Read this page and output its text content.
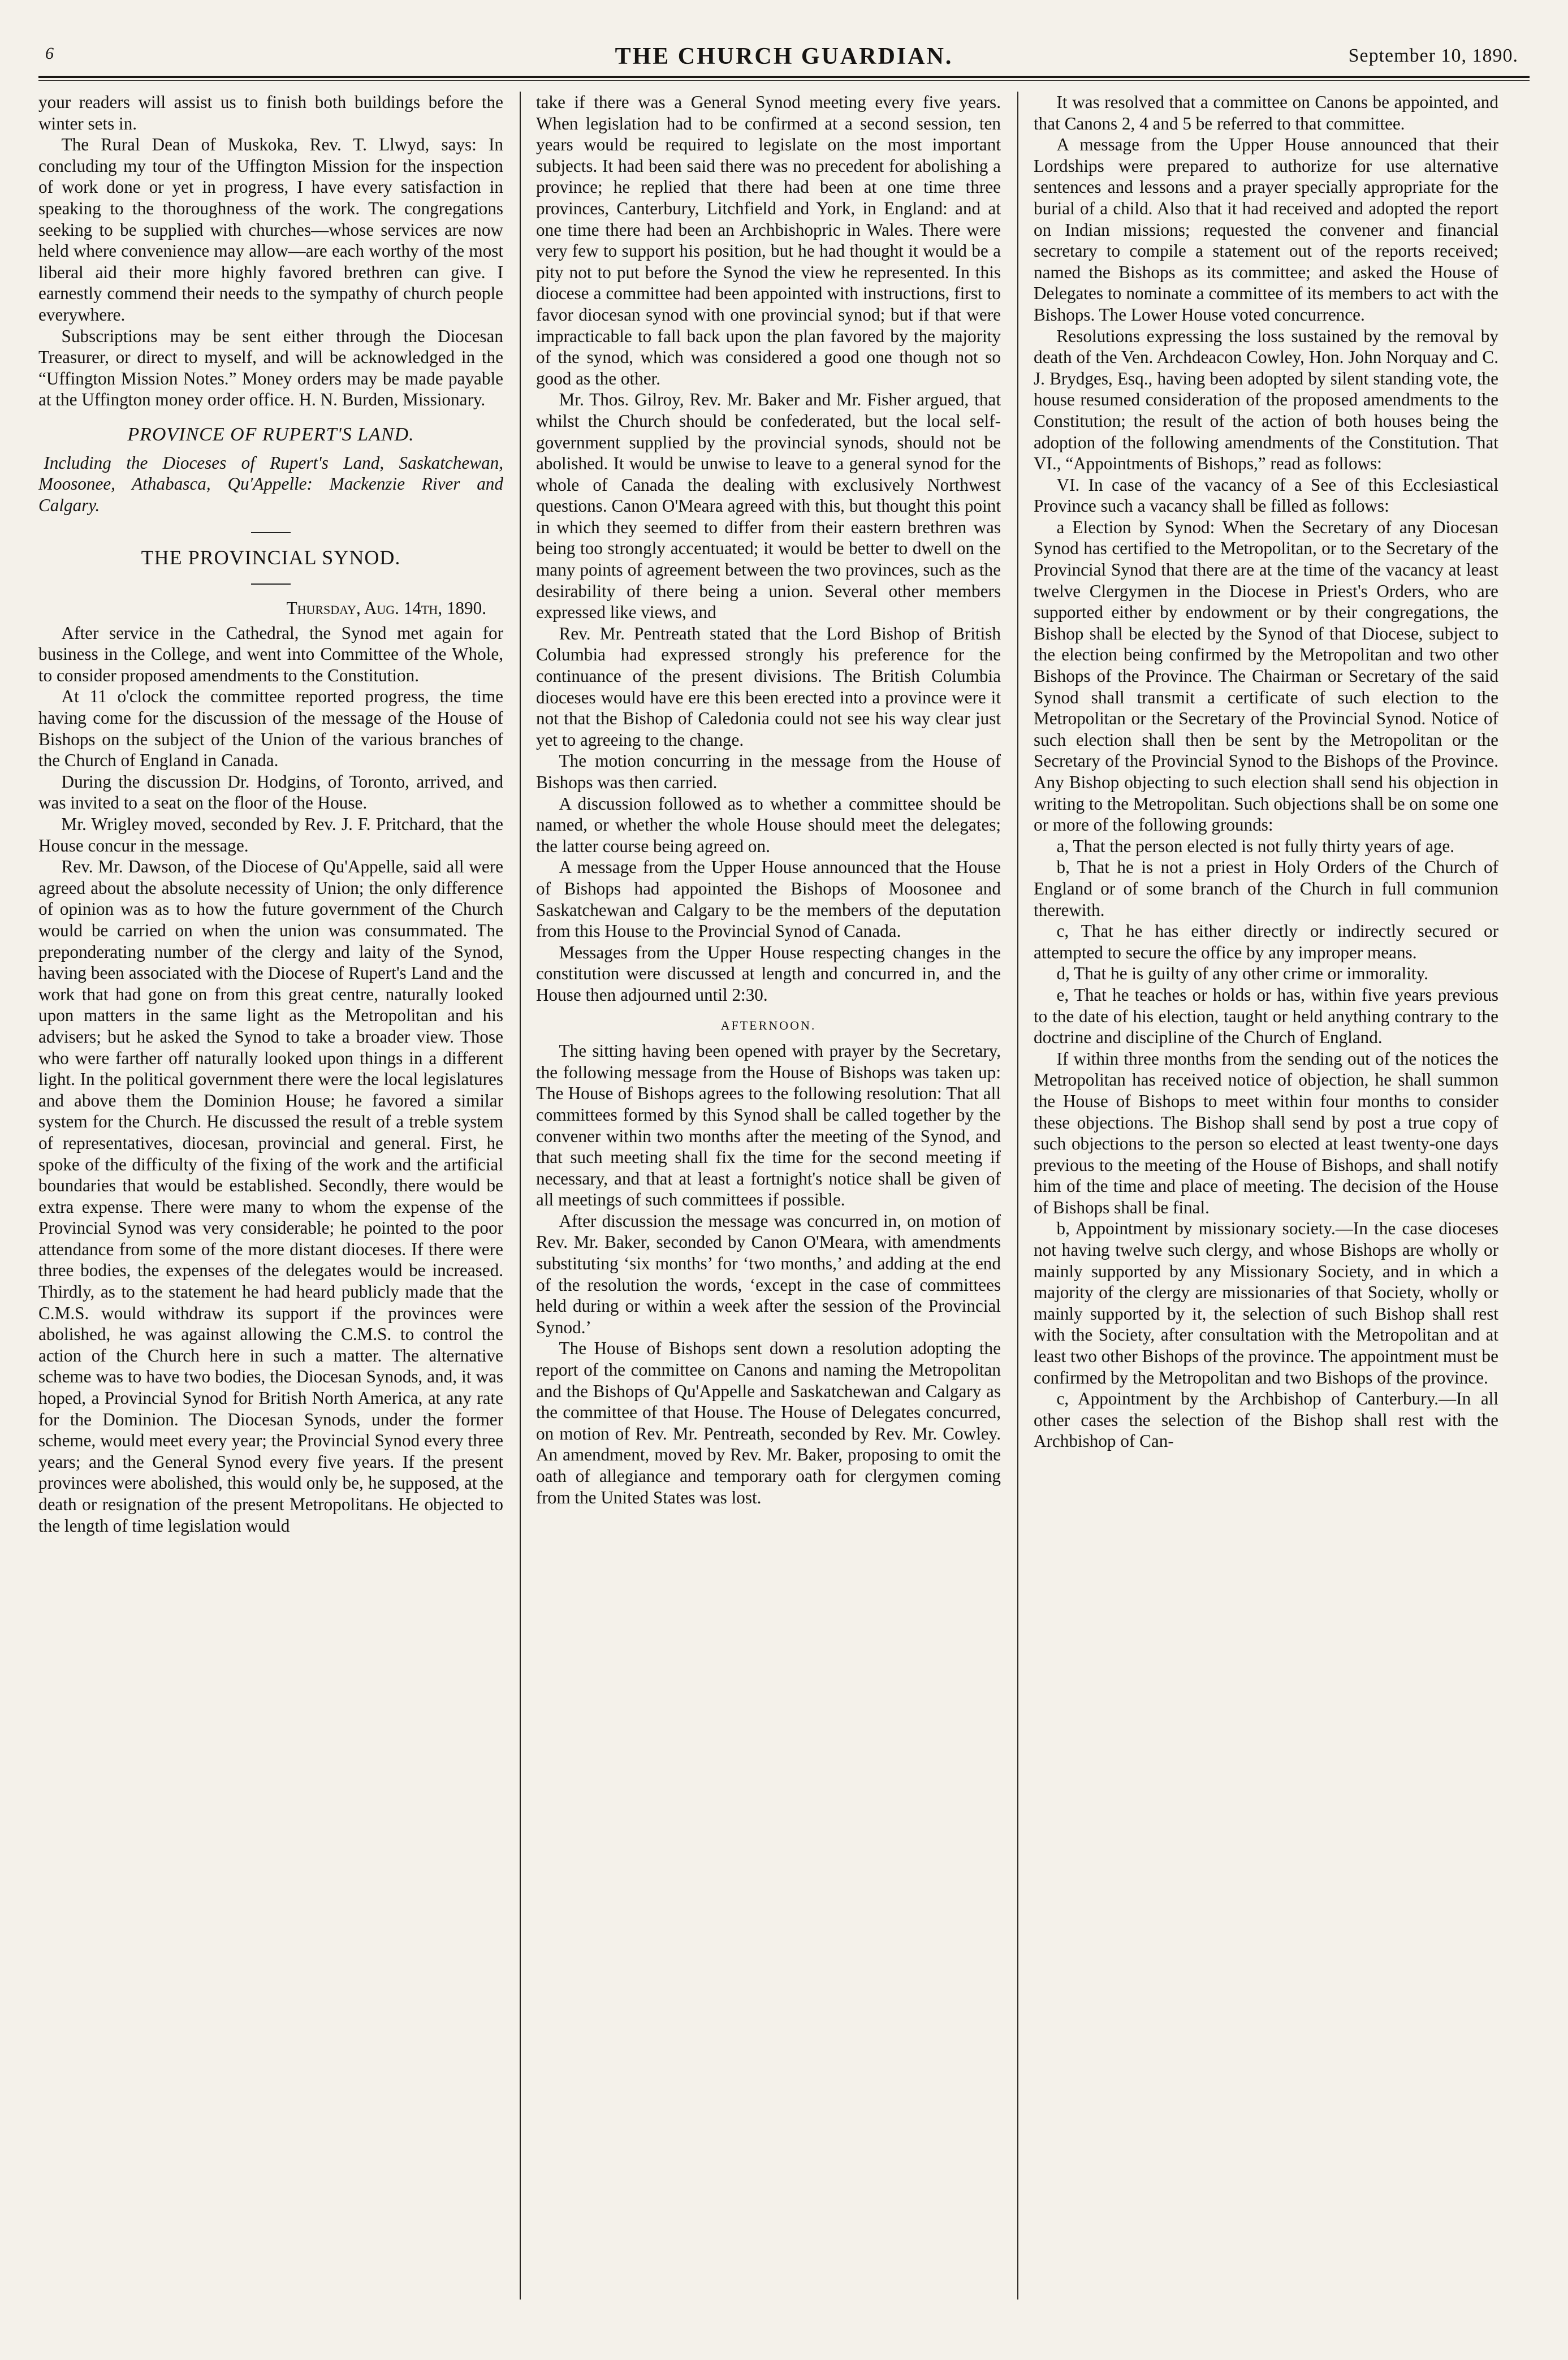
6	THE CHURCH GUARDIAN.	September 10, 1890.

your readers will assist us to finish both buildings before the winter sets in.

The Rural Dean of Muskoka, Rev. T. Llwyd, says: In concluding my tour of the Uffington Mission for the inspection of work done or yet in progress, I have every satisfaction in speaking to the thoroughness of the work. The congregations seeking to be supplied with churches—whose services are now held where convenience may allow—are each worthy of the most liberal aid their more highly favored brethren can give. I earnestly commend their needs to the sympathy of church people everywhere.

Subscriptions may be sent either through the Diocesan Treasurer, or direct to myself, and will be acknowledged in the “Uffington Mission Notes.” Money orders may be made payable at the Uffington money order office. H. N. Burden, Missionary.

PROVINCE OF RUPERT'S LAND.

Including the Dioceses of Rupert's Land, Saskatchewan, Moosonee, Athabasca, Qu'Appelle: Mackenzie River and Calgary.

THE PROVINCIAL SYNOD.
Thursday, Aug. 14th, 1890.

After service in the Cathedral, the Synod met again for business in the College, and went into Committee of the Whole, to consider proposed amendments to the Constitution.

At 11 o'clock the committee reported progress, the time having come for the discussion of the message of the House of Bishops on the subject of the Union of the various branches of the Church of England in Canada.

During the discussion Dr. Hodgins, of Toronto, arrived, and was invited to a seat on the floor of the House.

Mr. Wrigley moved, seconded by Rev. J. F. Pritchard, that the House concur in the message.

Rev. Mr. Dawson, of the Diocese of Qu'Appelle, said all were agreed about the absolute necessity of Union; the only difference of opinion was as to how the future government of the Church would be carried on when the union was consummated. The preponderating number of the clergy and laity of the Synod, having been associated with the Diocese of Rupert's Land and the work that had gone on from this great centre, naturally looked upon matters in the same light as the Metropolitan and his advisers; but he asked the Synod to take a broader view. Those who were farther off naturally looked upon things in a different light. In the political government there were the local legislatures and above them the Dominion House; he favored a similar system for the Church. He discussed the result of a treble system of representatives, diocesan, provincial and general. First, he spoke of the difficulty of the fixing of the work and the artificial boundaries that would be established. Secondly, there would be extra expense. There were many to whom the expense of the Provincial Synod was very considerable; he pointed to the poor attendance from some of the more distant dioceses. If there were three bodies, the expenses of the delegates would be increased. Thirdly, as to the statement he had heard publicly made that the C.M.S. would withdraw its support if the provinces were abolished, he was against allowing the C.M.S. to control the action of the Church here in such a matter. The alternative scheme was to have two bodies, the Diocesan Synods, and, it was hoped, a Provincial Synod for British North America, at any rate for the Dominion. The Diocesan Synods, under the former scheme, would meet every year; the Provincial Synod every three years; and the General Synod every five years. If the present provinces were abolished, this would only be, he supposed, at the death or resignation of the present Metropolitans. He objected to the length of time legislation would

take if there was a General Synod meeting every five years. When legislation had to be confirmed at a second session, ten years would be required to legislate on the most important subjects. It had been said there was no precedent for abolishing a province; he replied that there had been at one time three provinces, Canterbury, Litchfield and York, in England: and at one time there had been an Archbishopric in Wales. There were very few to support his position, but he had thought it would be a pity not to put before the Synod the view he represented. In this diocese a committee had been appointed with instructions, first to favor diocesan synod with one provincial synod; but if that were impracticable to fall back upon the plan favored by the majority of the synod, which was considered a good one though not so good as the other.

Mr. Thos. Gilroy, Rev. Mr. Baker and Mr. Fisher argued, that whilst the Church should be confederated, but the local self-government supplied by the provincial synods, should not be abolished. It would be unwise to leave to a general synod for the whole of Canada the dealing with exclusively Northwest questions. Canon O'Meara agreed with this, but thought this point in which they seemed to differ from their eastern brethren was being too strongly accentuated; it would be better to dwell on the many points of agreement between the two provinces, such as the desirability of there being a union. Several other members expressed like views, and

Rev. Mr. Pentreath stated that the Lord Bishop of British Columbia had expressed strongly his preference for the continuance of the present divisions. The British Columbia dioceses would have ere this been erected into a province were it not that the Bishop of Caledonia could not see his way clear just yet to agreeing to the change.

The motion concurring in the message from the House of Bishops was then carried.

A discussion followed as to whether a committee should be named, or whether the whole House should meet the delegates; the latter course being agreed on.

A message from the Upper House announced that the House of Bishops had appointed the Bishops of Moosonee and Saskatchewan and Calgary to be the members of the deputation from this House to the Provincial Synod of Canada.

Messages from the Upper House respecting changes in the constitution were discussed at length and concurred in, and the House then adjourned until 2:30.

AFTERNOON.

The sitting having been opened with prayer by the Secretary, the following message from the House of Bishops was taken up: The House of Bishops agrees to the following resolution: That all committees formed by this Synod shall be called together by the convener within two months after the meeting of the Synod, and that such meeting shall fix the time for the second meeting if necessary, and that at least a fortnight's notice shall be given of all meetings of such committees if possible.

After discussion the message was concurred in, on motion of Rev. Mr. Baker, seconded by Canon O'Meara, with amendments substituting ‘six months’ for ‘two months,’ and adding at the end of the resolution the words, ‘except in the case of committees held during or within a week after the session of the Provincial Synod.’

The House of Bishops sent down a resolution adopting the report of the committee on Canons and naming the Metropolitan and the Bishops of Qu'Appelle and Saskatchewan and Calgary as the committee of that House. The House of Delegates concurred, on motion of Rev. Mr. Pentreath, seconded by Rev. Mr. Cowley. An amendment, moved by Rev. Mr. Baker, proposing to omit the oath of allegiance and temporary oath for clergymen coming from the United States was lost.

It was resolved that a committee on Canons be appointed, and that Canons 2, 4 and 5 be referred to that committee.

A message from the Upper House announced that their Lordships were prepared to authorize for use alternative sentences and lessons and a prayer specially appropriate for the burial of a child. Also that it had received and adopted the report on Indian missions; requested the convener and financial secretary to compile a statement out of the reports received; named the Bishops as its committee; and asked the House of Delegates to nominate a committee of its members to act with the Bishops. The Lower House voted concurrence.

Resolutions expressing the loss sustained by the removal by death of the Ven. Archdeacon Cowley, Hon. John Norquay and C. J. Brydges, Esq., having been adopted by silent standing vote, the house resumed consideration of the proposed amendments to the Constitution; the result of the action of both houses being the adoption of the following amendments of the Constitution. That VI., “Appointments of Bishops,” read as follows:

VI. In case of the vacancy of a See of this Ecclesiastical Province such a vacancy shall be filled as follows:

a Election by Synod: When the Secretary of any Diocesan Synod has certified to the Metropolitan, or to the Secretary of the Provincial Synod that there are at the time of the vacancy at least twelve Clergymen in the Diocese in Priest's Orders, who are supported either by endowment or by their congregations, the Bishop shall be elected by the Synod of that Diocese, subject to the election being confirmed by the Metropolitan and two other Bishops of the Province. The Chairman or Secretary of the said Synod shall transmit a certificate of such election to the Metropolitan or the Secretary of the Provincial Synod. Notice of such election shall then be sent by the Metropolitan or the Secretary of the Provincial Synod to the Bishops of the Province. Any Bishop objecting to such election shall send his objection in writing to the Metropolitan. Such objections shall be on some one or more of the following grounds:

a, That the person elected is not fully thirty years of age.

b, That he is not a priest in Holy Orders of the Church of England or of some branch of the Church in full communion therewith.

c, That he has either directly or indirectly secured or attempted to secure the office by any improper means.

d, That he is guilty of any other crime or immorality.

e, That he teaches or holds or has, within five years previous to the date of his election, taught or held anything contrary to the doctrine and discipline of the Church of England.

If within three months from the sending out of the notices the Metropolitan has received notice of objection, he shall summon the House of Bishops to meet within four months to consider these objections. The Bishop shall send by post a true copy of such objections to the person so elected at least twenty-one days previous to the meeting of the House of Bishops, and shall notify him of the time and place of meeting. The decision of the House of Bishops shall be final.

b, Appointment by missionary society.—In the case dioceses not having twelve such clergy, and whose Bishops are wholly or mainly supported by any Missionary Society, and in which a majority of the clergy are missionaries of that Society, wholly or mainly supported by it, the selection of such Bishop shall rest with the Society, after consultation with the Metropolitan and at least two other Bishops of the province. The appointment must be confirmed by the Metropolitan and two Bishops of the province.

c, Appointment by the Archbishop of Canterbury.—In all other cases the selection of the Bishop shall rest with the Archbishop of Can-
